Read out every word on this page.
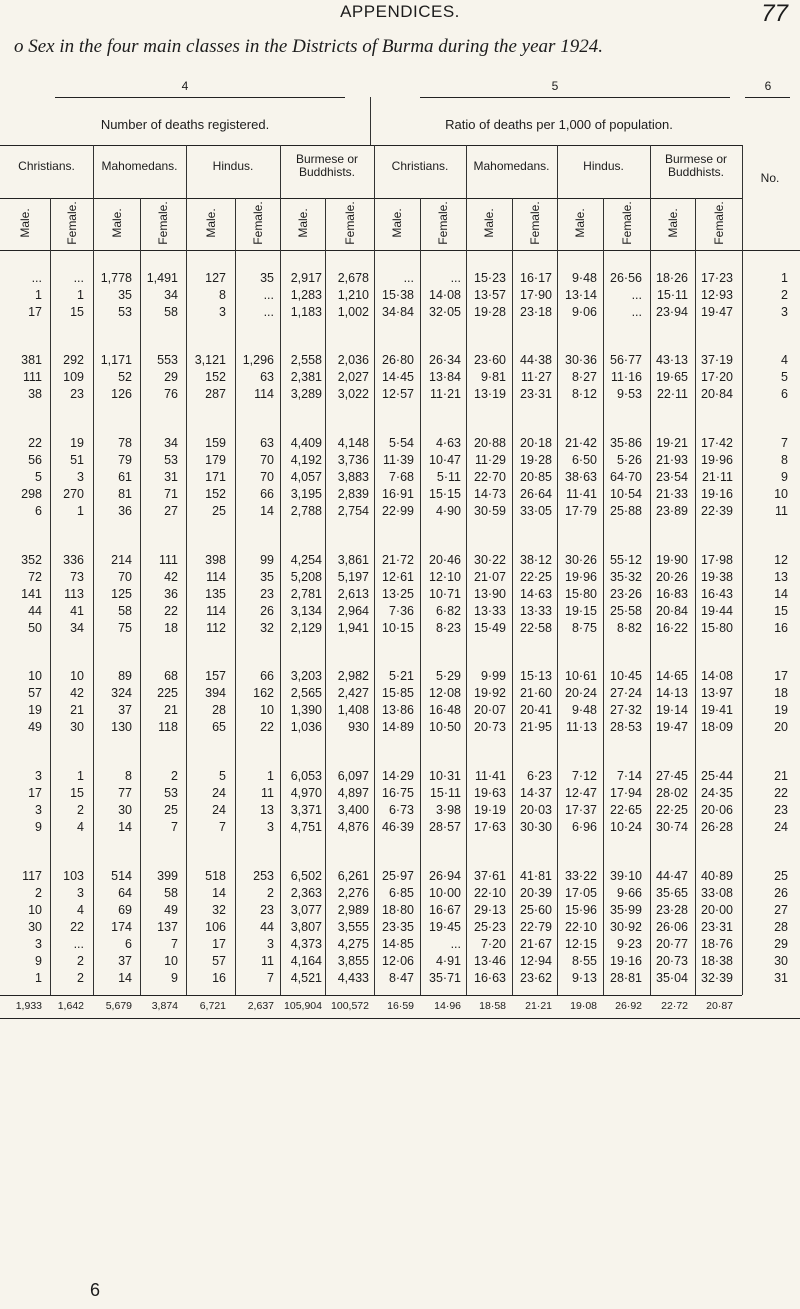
APPENDICES.	77
o Sex in the four main classes in the Districts of Burma during the year 1924.
4	5	6
Number of deaths registered.	Ratio of deaths per 1,000 of population.
Christians.	Mahomedans.	Hindus.	Burmese or Buddhists.	Christians.	Mahomedans.	Hindus.	Burmese or Buddhists.	No.
Male.	Female.	Male.	Female.	Male.	Female.	Male.	Female.	Male.	Female.	Male.	Female.	Male.	Female.	Male.	Female.
...	...	1,778	1,491	127	35	2,917	2,678	...	...	15·23	16·17	9·48	26·56	18·26	17·23	1
1	1	35	34	8	...	1,283	1,210	15·38	14·08	13·57	17·90	13·14	...	15·11	12·93	2
17	15	53	58	3	...	1,183	1,002	34·84	32·05	19·28	23·18	9·06	...	23·94	19·47	3
381	292	1,171	553	3,121	1,296	2,558	2,036	26·80	26·34	23·60	44·38	30·36	56·77	43·13	37·19	4
111	109	52	29	152	63	2,381	2,027	14·45	13·84	9·81	11·27	8·27	11·16	19·65	17·20	5
38	23	126	76	287	114	3,289	3,022	12·57	11·21	13·19	23·31	8·12	9·53	22·11	20·84	6
22	19	78	34	159	63	4,409	4,148	5·54	4·63	20·88	20·18	21·42	35·86	19·21	17·42	7
56	51	79	53	179	70	4,192	3,736	11·39	10·47	11·29	19·28	6·50	5·26	21·93	19·96	8
5	3	61	31	171	70	4,057	3,883	7·68	5·11	22·70	20·85	38·63	64·70	23·54	21·11	9
298	270	81	71	152	66	3,195	2,839	16·91	15·15	14·73	26·64	11·41	10·54	21·33	19·16	10
6	1	36	27	25	14	2,788	2,754	22·99	4·90	30·59	33·05	17·79	25·88	23·89	22·39	11
352	336	214	111	398	99	4,254	3,861	21·72	20·46	30·22	38·12	30·26	55·12	19·90	17·98	12
72	73	70	42	114	35	5,208	5,197	12·61	12·10	21·07	22·25	19·96	35·32	20·26	19·38	13
141	113	125	36	135	23	2,781	2,613	13·25	10·71	13·90	14·63	15·80	23·26	16·83	16·43	14
44	41	58	22	114	26	3,134	2,964	7·36	6·82	13·33	13·33	19·15	25·58	20·84	19·44	15
50	34	75	18	112	32	2,129	1,941	10·15	8·23	15·49	22·58	8·75	8·82	16·22	15·80	16
10	10	89	68	157	66	3,203	2,982	5·21	5·29	9·99	15·13	10·61	10·45	14·65	14·08	17
57	42	324	225	394	162	2,565	2,427	15·85	12·08	19·92	21·60	20·24	27·24	14·13	13·97	18
19	21	37	21	28	10	1,390	1,408	13·86	16·48	20·07	20·41	9·48	27·32	19·14	19·41	19
49	30	130	118	65	22	1,036	930	14·89	10·50	20·73	21·95	11·13	28·53	19·47	18·09	20
3	1	8	2	5	1	6,053	6,097	14·29	10·31	11·41	6·23	7·12	7·14	27·45	25·44	21
17	15	77	53	24	11	4,970	4,897	16·75	15·11	19·63	14·37	12·47	17·94	28·02	24·35	22
3	2	30	25	24	13	3,371	3,400	6·73	3·98	19·19	20·03	17·37	22·65	22·25	20·06	23
9	4	14	7	7	3	4,751	4,876	46·39	28·57	17·63	30·30	6·96	10·24	30·74	26·28	24
117	103	514	399	518	253	6,502	6,261	25·97	26·94	37·61	41·81	33·22	39·10	44·47	40·89	25
2	3	64	58	14	2	2,363	2,276	6·85	10·00	22·10	20·39	17·05	9·66	35·65	33·08	26
10	4	69	49	32	23	3,077	2,989	18·80	16·67	29·13	25·60	15·96	35·99	23·28	20·00	27
30	22	174	137	106	44	3,807	3,555	23·35	19·45	25·23	22·79	22·10	30·92	26·06	23·31	28
3	...	6	7	17	3	4,373	4,275	14·85	...	7·20	21·67	12·15	9·23	20·77	18·76	29
9	2	37	10	57	11	4,164	3,855	12·06	4·91	13·46	12·94	8·55	19·16	20·73	18·38	30
1	2	14	9	16	7	4,521	4,433	8·47	35·71	16·63	23·62	9·13	28·81	35·04	32·39	31
1,933	1,642	5,679	3,874	6,721	2,637 105,904 100,572	16·59	14·96	18·58	21·21	19·08	26·92	22·72	20·87
6
